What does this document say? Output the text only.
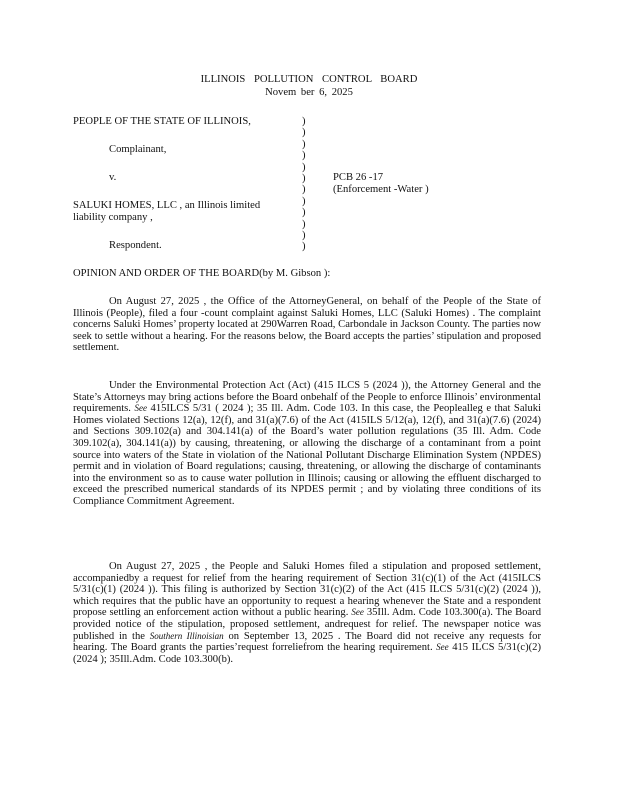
ILLINOIS POLLUTION CONTROL BOARD
Novem ber 6, 2025
PEOPLE OF THE STATE OF ILLINOIS,
Complainant,
v.
SALUKI HOMES, LLC , an Illinois limited
liability company ,
Respondent.
)
)
)
)
)
)
)
)
)
)
)
)
PCB 26 -17
(Enforcement -Water )
OPINION AND ORDER OF THE BOARD(by M. Gibson ):

On August 27, 2025 , the Office of the AttorneyGeneral, on behalf of the People of the State of Illinois (People), filed a four -count complaint against Saluki Homes, LLC (Saluki Homes) . The complaint concerns Saluki Homes’ property located at 290Warren Road, Carbondale in Jackson County. The parties now seek to settle without a hearing. For the reasons below, the Board accepts the parties’ stipulation and proposed settlement.

Under the Environmental Protection Act (Act) (415 ILCS 5 (2024 )), the Attorney General and the State’s Attorneys may bring actions before the Board onbehalf of the People to enforce Illinois’ environmental requirements. See 415ILCS 5/31 ( 2024 ); 35 Ill. Adm. Code 103. In this case, the Peoplealleg e that Saluki Homes violated Sections 12(a), 12(f), and 31(a)(7.6) of the Act (415ILS 5/12(a), 12(f), and 31(a)(7.6) (2024) and Sections 309.102(a) and 304.141(a) of the Board’s water pollution regulations (35 Ill. Adm. Code 309.102(a), 304.141(a)) by causing, threatening, or allowing the discharge of a contaminant from a point source into waters of the State in violation of the National Pollutant Discharge Elimination System (NPDES) permit and in violation of Board regulations; causing, threatening, or allowing the discharge of contaminants into the environment so as to cause water pollution in Illinois; causing or allowing the effluent discharged to exceed the prescribed numerical standards of its NPDES permit ; and by violating three conditions of its Compliance Commitment Agreement.

On August 27, 2025 , the People and Saluki Homes filed a stipulation and proposed settlement, accompaniedby a request for relief from the hearing requirement of Section 31(c)(1) of the Act (415ILCS 5/31(c)(1) (2024 )). This filing is authorized by Section 31(c)(2) of the Act (415 ILCS 5/31(c)(2) (2024 )), which requires that the public have an opportunity to request a hearing whenever the State and a respondent propose settling an enforcement action without a public hearing. See 35Ill. Adm. Code 103.300(a). The Board provided notice of the stipulation, proposed settlement, andrequest for relief. The newspaper notice was published in the Southern Illinoisian on September 13, 2025 . The Board did not receive any requests for hearing. The Board grants the parties’request forreliefrom the hearing requirement. See 415 ILCS 5/31(c)(2) (2024 ); 35Ill.Adm. Code 103.300(b).
